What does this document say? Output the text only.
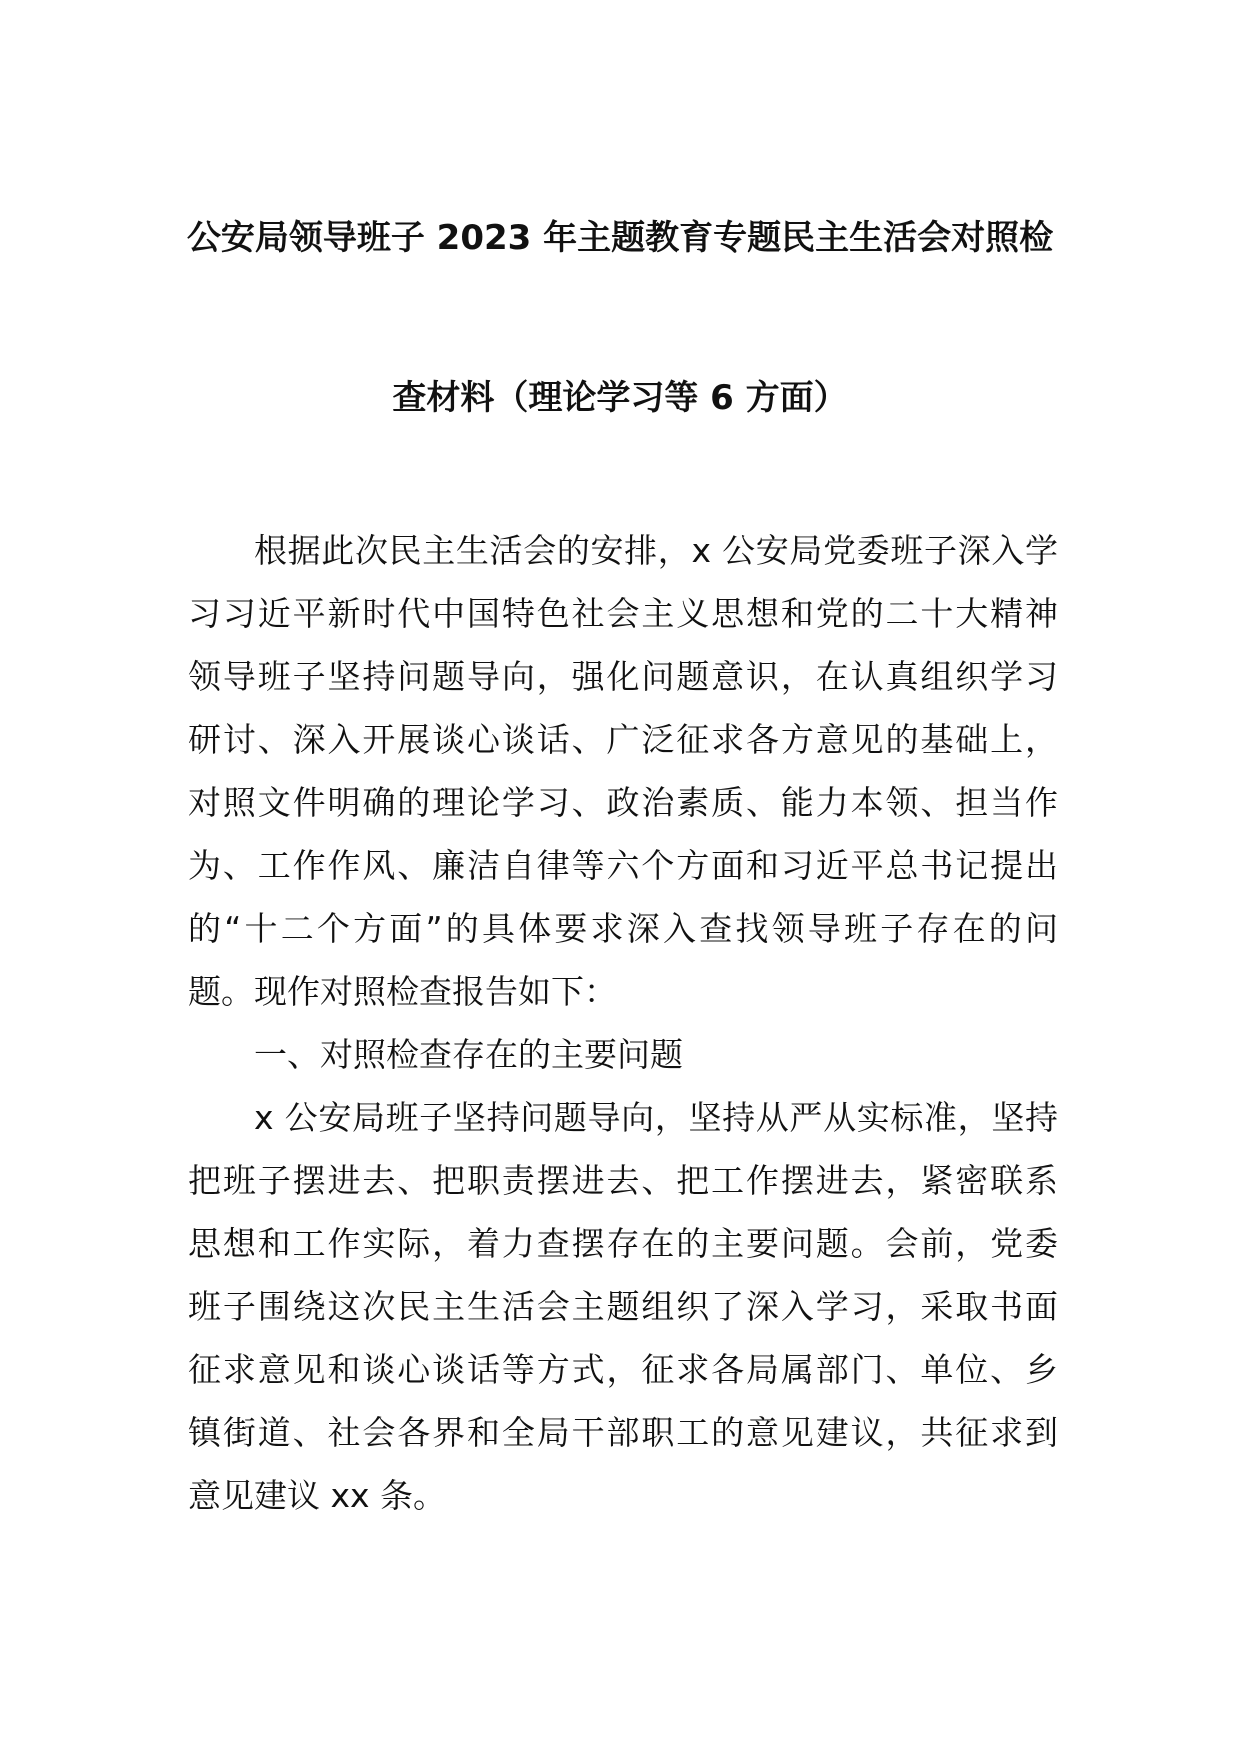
公安局领导班子 2023 年主题教育专题民主生活会对照检
查材料（理论学习等 6 方面）
根据此次民主生活会的安排，x 公安局党委班子深入学
习习近平新时代中国特色社会主义思想和党的二十大精神
领导班子坚持问题导向，强化问题意识，在认真组织学习
研讨、深入开展谈心谈话、广泛征求各方意见的基础上，
对照文件明确的理论学习、政治素质、能力本领、担当作
为、工作作风、廉洁自律等六个方面和习近平总书记提出
的“十二个方面”的具体要求深入查找领导班子存在的问
题。现作对照检查报告如下：
一、对照检查存在的主要问题
x 公安局班子坚持问题导向，坚持从严从实标准，坚持
把班子摆进去、把职责摆进去、把工作摆进去，紧密联系
思想和工作实际，着力查摆存在的主要问题。会前，党委
班子围绕这次民主生活会主题组织了深入学习，采取书面
征求意见和谈心谈话等方式，征求各局属部门、单位、乡
镇街道、社会各界和全局干部职工的意见建议，共征求到
意见建议 xx 条。
